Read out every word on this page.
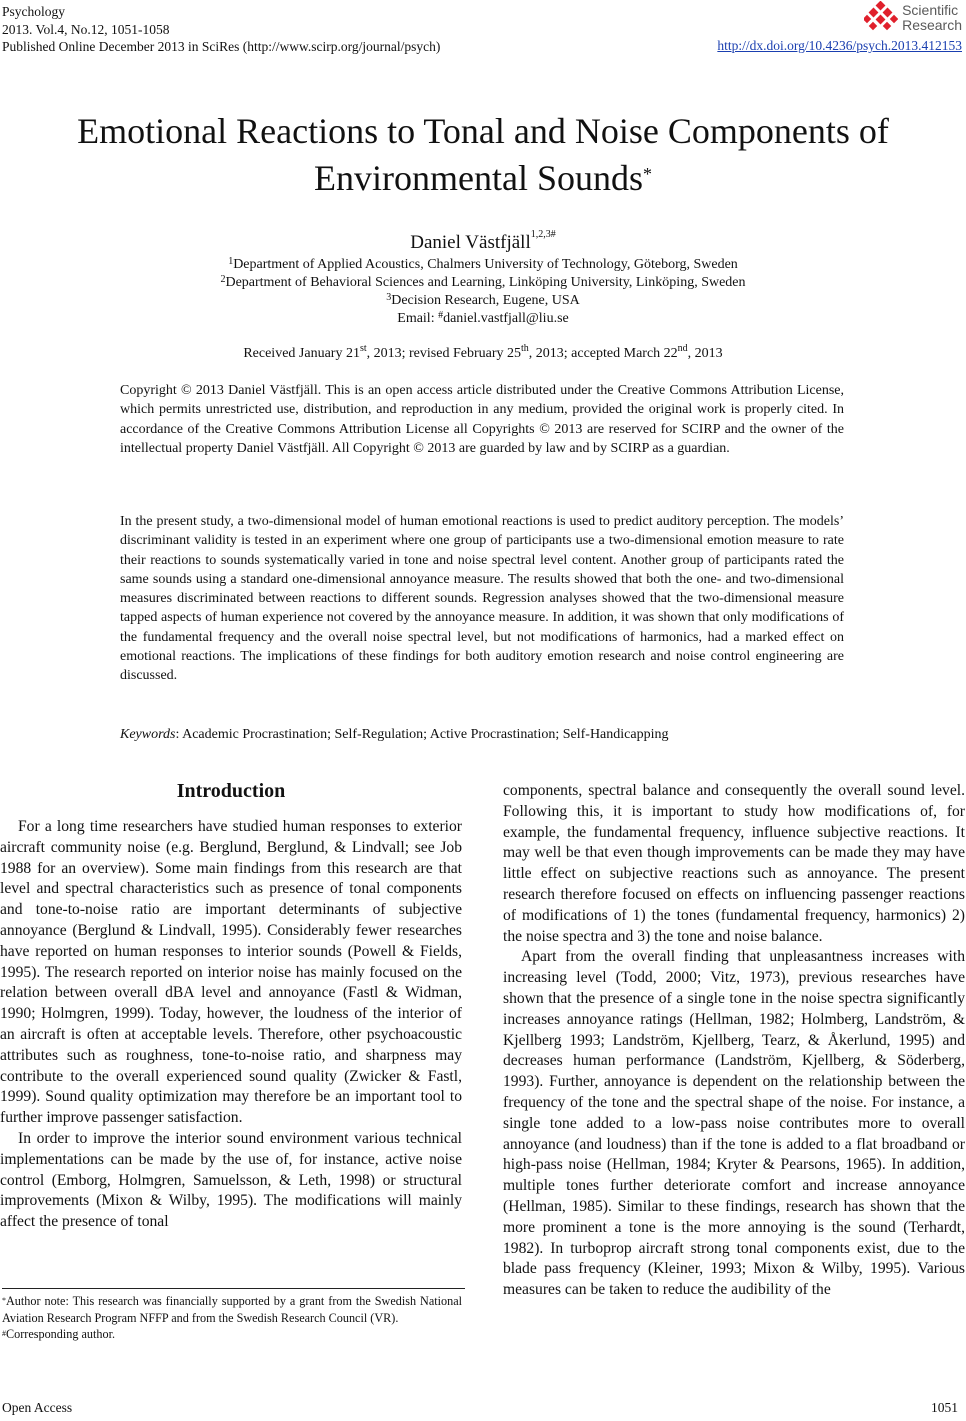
Psychology
2013. Vol.4, No.12, 1051-1058
Published Online December 2013 in SciRes (http://www.scirp.org/journal/psych)	http://dx.doi.org/10.4236/psych.2013.412153
Scientific
Research
Emotional Reactions to Tonal and Noise Components of
Environmental Sounds*
Daniel Västfjäll$^{1,2,3\#}$
$^1$Department of Applied Acoustics, Chalmers University of Technology, Göteborg, Sweden
$^2$Department of Behavioral Sciences and Learning, Linköping University, Linköping, Sweden
$^3$Decision Research, Eugene, USA
Email: #daniel.vastfjall@liu.se
Received January 21st, 2013; revised February 25th, 2013; accepted March 22nd, 2013
Copyright © 2013 Daniel Västfjäll. This is an open access article distributed under the Creative Commons Attribution License, which permits unrestricted use, distribution, and reproduction in any medium, provided the original work is properly cited. In accordance of the Creative Commons Attribution License all Copyrights © 2013 are reserved for SCIRP and the owner of the intellectual property Daniel Västfjäll. All Copyright © 2013 are guarded by law and by SCIRP as a guardian.
In the present study, a two-dimensional model of human emotional reactions is used to predict auditory perception. The models’ discriminant validity is tested in an experiment where one group of participants use a two-dimensional emotion measure to rate their reactions to sounds systematically varied in tone and noise spectral level content. Another group of participants rated the same sounds using a standard one-dimensional annoyance measure. The results showed that both the one- and two-dimensional measures discriminated between reactions to different sounds. Regression analyses showed that the two-dimensional measure tapped aspects of human experience not covered by the annoyance measure. In addition, it was shown that only modifications of the fundamental frequency and the overall noise spectral level, but not modifications of harmonics, had a marked effect on emotional reactions. The implications of these findings for both auditory emotion research and noise control engineering are discussed.
Keywords: Academic Procrastination; Self-Regulation; Active Procrastination; Self-Handicapping
Introduction

For a long time researchers have studied human responses to exterior aircraft community noise (e.g. Berglund, Berglund, & Lindvall; see Job 1988 for an overview). Some main findings from this research are that level and spectral characteristics such as presence of tonal components and tone-to-noise ratio are important determinants of subjective annoyance (Berglund & Lindvall, 1995). Considerably fewer researches have reported on human responses to interior sounds (Powell & Fields, 1995). The research reported on interior noise has mainly focused on the relation between overall dBA level and annoyance (Fastl & Widman, 1990; Holmgren, 1999). Today, however, the loudness of the interior of an aircraft is often at acceptable levels. Therefore, other psychoacoustic attributes such as roughness, tone-to-noise ratio, and sharpness may contribute to the overall experienced sound quality (Zwicker & Fastl, 1999). Sound quality optimization may therefore be an important tool to further improve passenger satisfaction.

In order to improve the interior sound environment various technical implementations can be made by the use of, for instance, active noise control (Emborg, Holmgren, Samuelsson, & Leth, 1998) or structural improvements (Mixon & Wilby, 1995). The modifications will mainly affect the presence of tonal

*Author note: This research was financially supported by a grant from the Swedish National Aviation Research Program NFFP and from the Swedish Research Council (VR).

#Corresponding author.

components, spectral balance and consequently the overall sound level. Following this, it is important to study how modifications of, for example, the fundamental frequency, influence subjective reactions. It may well be that even though improvements can be made they may have little effect on subjective reactions such as annoyance. The present research therefore focused on effects on influencing passenger reactions of modifications of 1) the tones (fundamental frequency, harmonics) 2) the noise spectra and 3) the tone and noise balance.

Apart from the overall finding that unpleasantness increases with increasing level (Todd, 2000; Vitz, 1973), previous researches have shown that the presence of a single tone in the noise spectra significantly increases annoyance ratings (Hellman, 1982; Holmberg, Landström, & Kjellberg 1993; Landström, Kjellberg, Tearz, & Åkerlund, 1995) and decreases human performance (Landström, Kjellberg, & Söderberg, 1993). Further, annoyance is dependent on the relationship between the frequency of the tone and the spectral shape of the noise. For instance, a single tone added to a low-pass noise contributes more to overall annoyance (and loudness) than if the tone is added to a flat broadband or high-pass noise (Hellman, 1984; Kryter & Pearsons, 1965). In addition, multiple tones further deteriorate comfort and increase annoyance (Hellman, 1985). Similar to these findings, research has shown that the more prominent a tone is the more annoying is the sound (Terhardt, 1982). In turboprop aircraft strong tonal components exist, due to the blade pass frequency (Kleiner, 1993; Mixon & Wilby, 1995). Various measures can be taken to reduce the audibility of the

Open Access	1051
